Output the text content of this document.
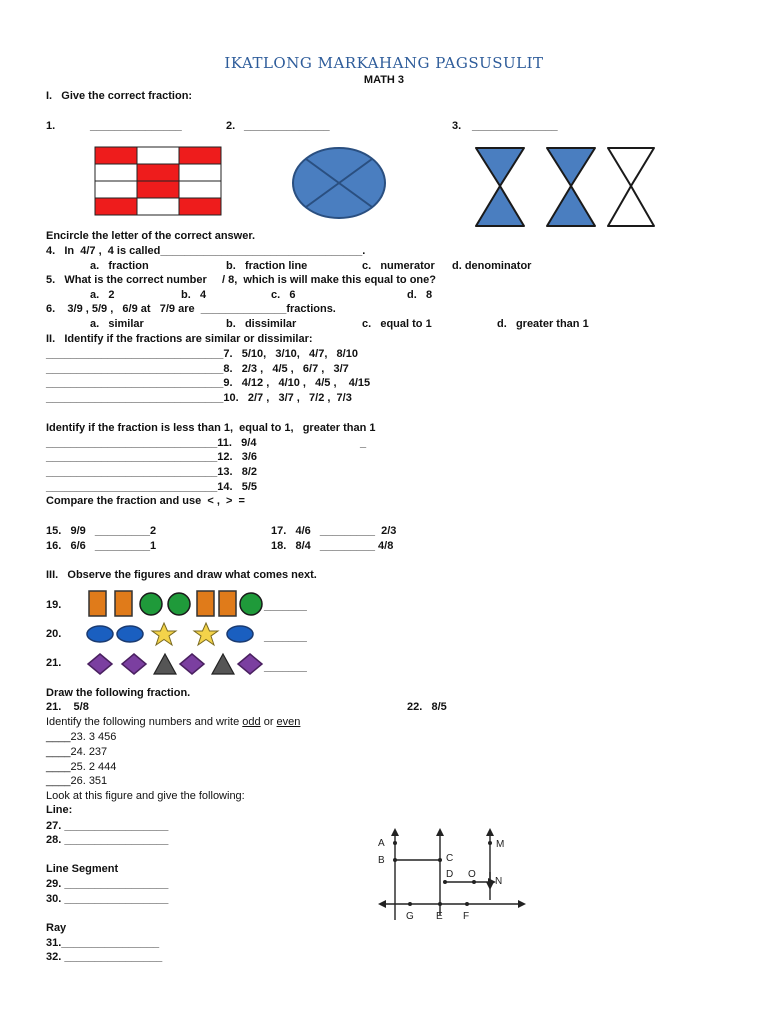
IKATLONG MARKAHANG PAGSUSULIT
MATH 3
I.   Give the correct fraction:
1.	_______________	2. ______________	3. ______________
Encircle the letter of the correct answer.
4.   In  4/7 ,  4 is called_________________________________.
a.   fraction	b.   fraction line	c.   numerator d. denominator
5.   What is the correct number     / 8,  which is will make this equal to one?
a.   2	b.   4	c.   6	d.   8
6.    3/9 , 5/9 ,   6/9 at   7/9 are  ______________fractions.
a.   similar	b.   dissimilar	c.   equal to 1	d.   greater than 1
II.   Identify if the fractions are similar or dissimilar:
_____________________________7.   5/10,   3/10,   4/7,   8/10
_____________________________8.   2/3 ,   4/5 ,   6/7 ,   3/7
_____________________________9.   4/12 ,   4/10 ,   4/5 ,    4/15
_____________________________10.   2/7 ,   3/7 ,   7/2 ,  7/3
Identify if the fraction is less than 1,  equal to 1,   greater than 1
_
____________________________11.   9/4
____________________________12.   3/6
____________________________13.   8/2
____________________________14.   5/5
Compare the fraction and use  < ,  >  =
15.   9/9   _________2	17.   4/6   _________  2/3
16.   6/6   _________1	18.   8/4   _________ 4/8
III.   Observe the figures and draw what comes next.
19.	_______
20.	_______
21.	_______
Draw the following fraction.
21.    5/8	22.   8/5
Identify the following numbers and write odd or even
____23. 3 456
____24. 237
____25. 2 444
____26. 351
Look at this figure and give the following:
Line:
27. _________________
28. _________________
Line Segment
29. _________________
30. _________________
Ray
31.________________
32. ________________
A
B	C
D O
M
N
G E F
